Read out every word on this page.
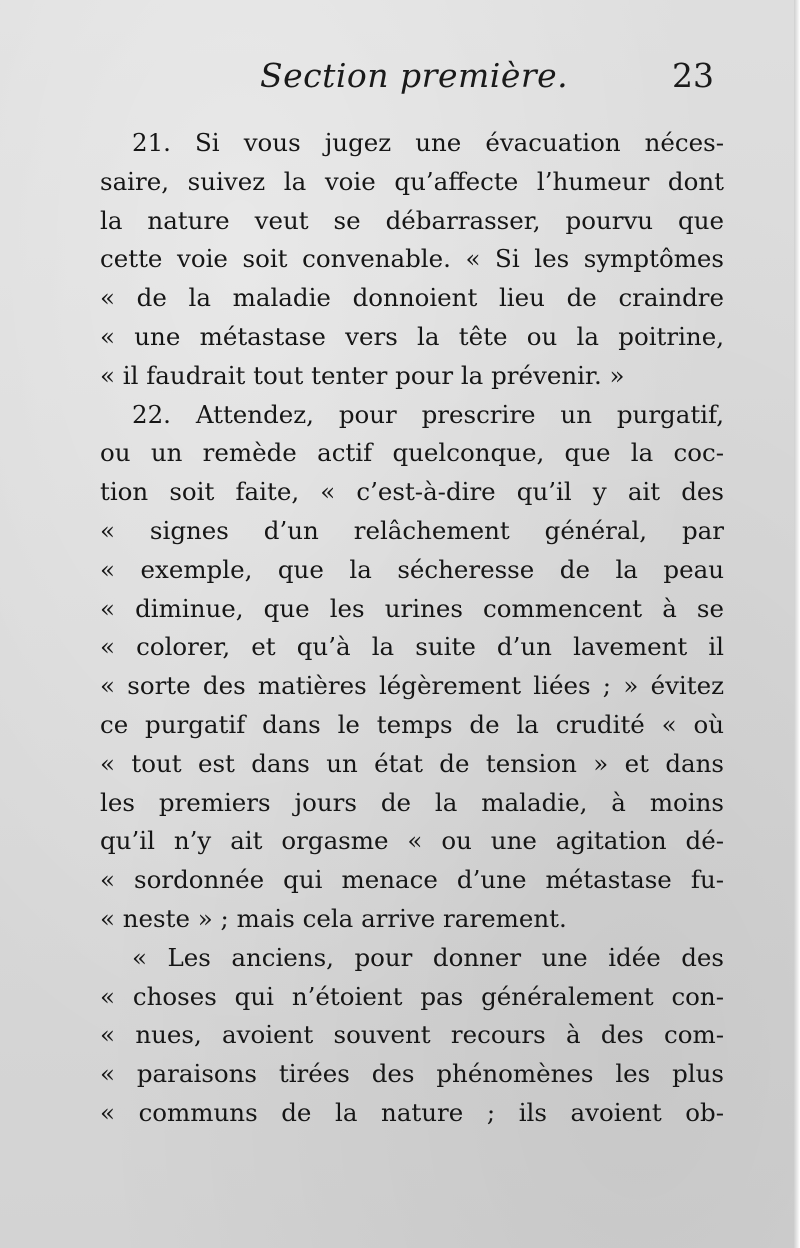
Section première.	23
21. Si vous jugez une évacuation néces-
saire, suivez la voie qu’affecte l’humeur dont
la nature veut se débarrasser, pourvu que
cette voie soit convenable. « Si les symptômes
« de la maladie donnoient lieu de craindre
« une métastase vers la tête ou la poitrine,
« il faudrait tout tenter pour la prévenir. »
22. Attendez, pour prescrire un purgatif,
ou un remède actif quelconque, que la coc-
tion soit faite, « c’est-à-dire qu’il y ait des
« signes d’un relâchement général, par
« exemple, que la sécheresse de la peau
« diminue, que les urines commencent à se
« colorer, et qu’à la suite d’un lavement il
« sorte des matières légèrement liées ; » évitez
ce purgatif dans le temps de la crudité « où
« tout est dans un état de tension » et dans
les premiers jours de la maladie, à moins
qu’il n’y ait orgasme « ou une agitation dé-
« sordonnée qui menace d’une métastase fu-
« neste » ; mais cela arrive rarement.
« Les anciens, pour donner une idée des
« choses qui n’étoient pas généralement con-
« nues, avoient souvent recours à des com-
« paraisons tirées des phénomènes les plus
« communs de la nature ; ils avoient ob-
